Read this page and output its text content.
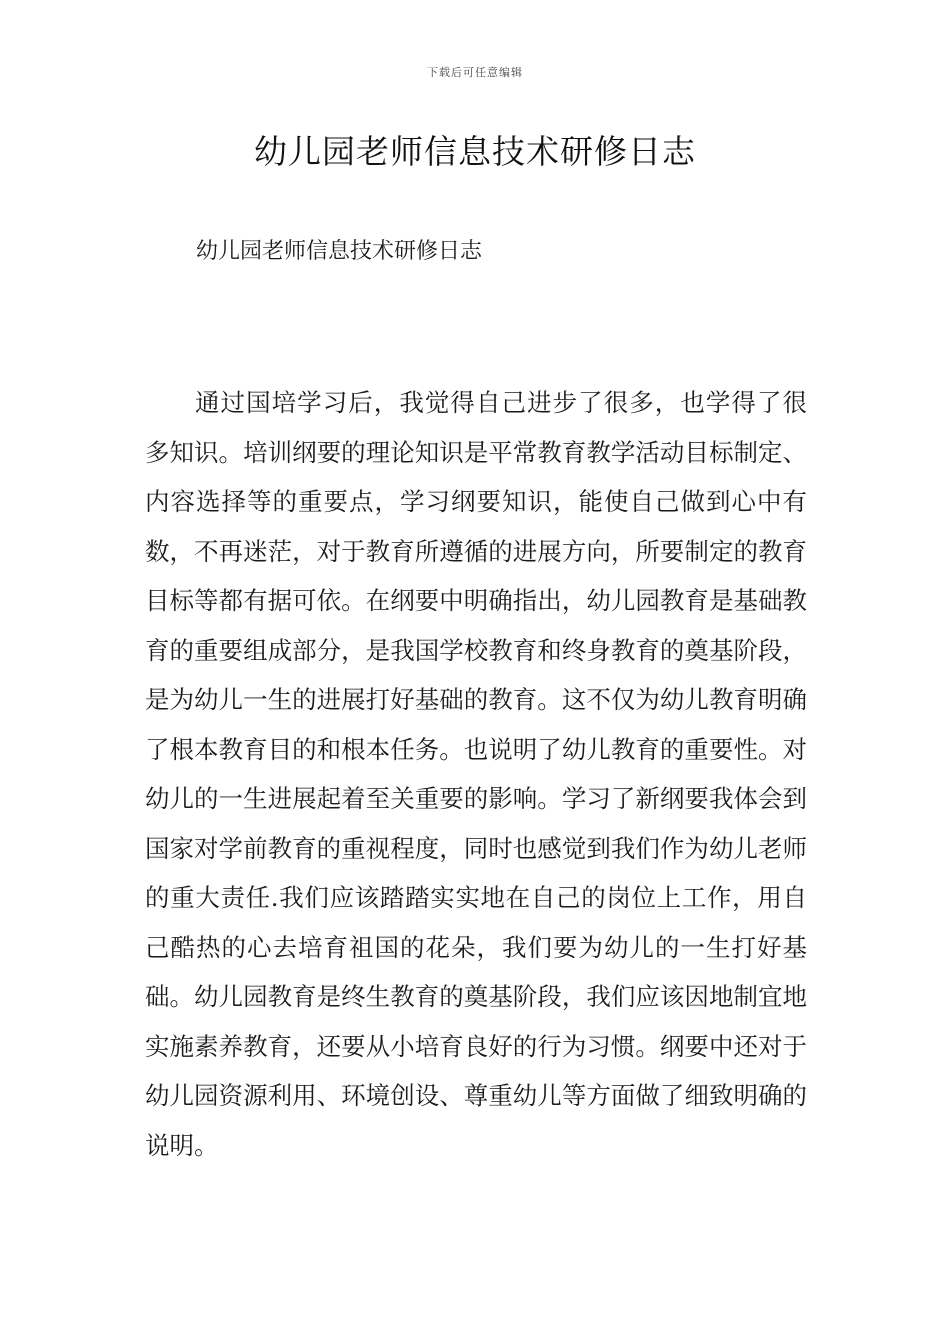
下载后可任意编辑
幼儿园老师信息技术研修日志

幼儿园老师信息技术研修日志

通过国培学习后，我觉得自己进步了很多，也学得了很多知识。培训纲要的理论知识是平常教育教学活动目标制定、内容选择等的重要点，学习纲要知识，能使自己做到心中有数，不再迷茫，对于教育所遵循的进展方向，所要制定的教育目标等都有据可依。在纲要中明确指出，幼儿园教育是基础教育的重要组成部分，是我国学校教育和终身教育的奠基阶段，是为幼儿一生的进展打好基础的教育。这不仅为幼儿教育明确了根本教育目的和根本任务。也说明了幼儿教育的重要性。对幼儿的一生进展起着至关重要的影响。学习了新纲要我体会到国家对学前教育的重视程度，同时也感觉到我们作为幼儿老师的重大责任.我们应该踏踏实实地在自己的岗位上工作，用自己酷热的心去培育祖国的花朵，我们要为幼儿的一生打好基础。幼儿园教育是终生教育的奠基阶段，我们应该因地制宜地实施素养教育，还要从小培育良好的行为习惯。纲要中还对于幼儿园资源利用、环境创设、尊重幼儿等方面做了细致明确的说明。
